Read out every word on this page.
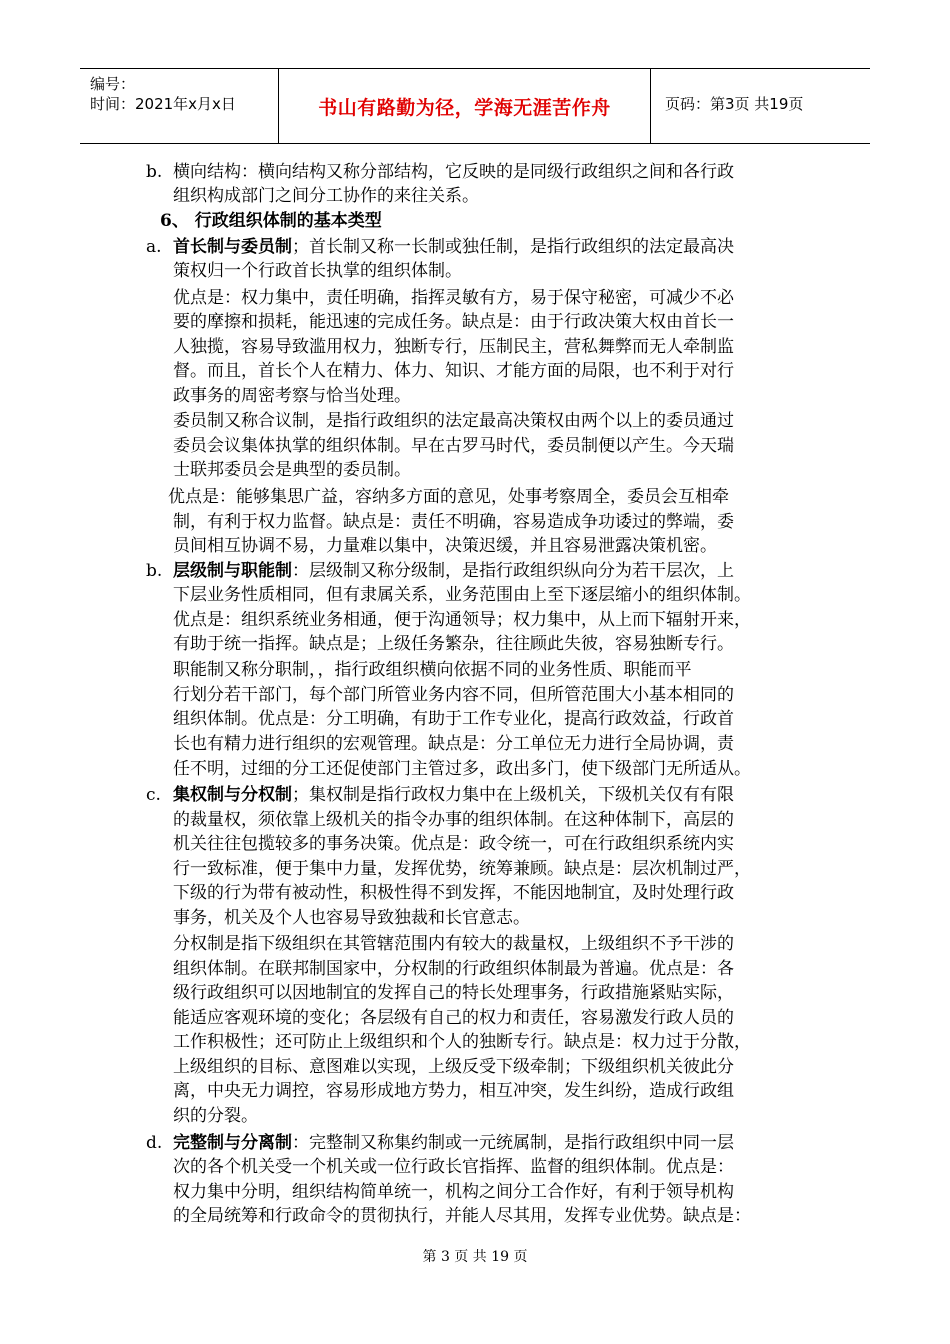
编号：
时间：2021年x月x日	书山有路勤为径，学海无涯苦作舟	页码：第3页 共19页
b. 横向结构：横向结构又称分部结构，它反映的是同级行政组织之间和各行政
组织构成部门之间分工协作的来往关系。
6、 行政组织体制的基本类型
a. 首长制与委员制；首长制又称一长制或独任制，是指行政组织的法定最高决
策权归一个行政首长执掌的组织体制。
优点是：权力集中，责任明确，指挥灵敏有方，易于保守秘密，可减少不必
要的摩擦和损耗，能迅速的完成任务。缺点是：由于行政决策大权由首长一
人独揽，容易导致滥用权力，独断专行，压制民主，营私舞弊而无人牵制监
督。而且，首长个人在精力、体力、知识、才能方面的局限，也不利于对行
政事务的周密考察与恰当处理。
委员制又称合议制，是指行政组织的法定最高决策权由两个以上的委员通过
委员会议集体执掌的组织体制。早在古罗马时代，委员制便以产生。今天瑞
士联邦委员会是典型的委员制。
优点是：能够集思广益，容纳多方面的意见，处事考察周全，委员会互相牵
制，有利于权力监督。缺点是：责任不明确，容易造成争功诿过的弊端，委
员间相互协调不易，力量难以集中，决策迟缓，并且容易泄露决策机密。
b. 层级制与职能制：层级制又称分级制，是指行政组织纵向分为若干层次，上
下层业务性质相同，但有隶属关系，业务范围由上至下逐层缩小的组织体制。
优点是：组织系统业务相通，便于沟通领导；权力集中，从上而下辐射开来，
有助于统一指挥。缺点是；上级任务繁杂，往往顾此失彼，容易独断专行。
职能制又称分职制，，指行政组织横向依据不同的业务性质、职能而平
行划分若干部门，每个部门所管业务内容不同，但所管范围大小基本相同的
组织体制。优点是：分工明确，有助于工作专业化，提高行政效益，行政首
长也有精力进行组织的宏观管理。缺点是：分工单位无力进行全局协调，责
任不明，过细的分工还促使部门主管过多，政出多门，使下级部门无所适从。
c. 集权制与分权制；集权制是指行政权力集中在上级机关，下级机关仅有有限
的裁量权，须依靠上级机关的指令办事的组织体制。在这种体制下，高层的
机关往往包揽较多的事务决策。优点是：政令统一，可在行政组织系统内实
行一致标准，便于集中力量，发挥优势，统筹兼顾。缺点是：层次机制过严，
下级的行为带有被动性，积极性得不到发挥，不能因地制宜，及时处理行政
事务，机关及个人也容易导致独裁和长官意志。
分权制是指下级组织在其管辖范围内有较大的裁量权，上级组织不予干涉的
组织体制。在联邦制国家中，分权制的行政组织体制最为普遍。优点是：各
级行政组织可以因地制宜的发挥自己的特长处理事务，行政措施紧贴实际，
能适应客观环境的变化；各层级有自己的权力和责任，容易激发行政人员的
工作积极性；还可防止上级组织和个人的独断专行。缺点是：权力过于分散，
上级组织的目标、意图难以实现，上级反受下级牵制；下级组织机关彼此分
离，中央无力调控，容易形成地方势力，相互冲突，发生纠纷，造成行政组
织的分裂。
d. 完整制与分离制：完整制又称集约制或一元统属制，是指行政组织中同一层
次的各个机关受一个机关或一位行政长官指挥、监督的组织体制。优点是：
权力集中分明，组织结构简单统一，机构之间分工合作好，有利于领导机构
的全局统筹和行政命令的贯彻执行，并能人尽其用，发挥专业优势。缺点是：
第 3 页 共 19 页
